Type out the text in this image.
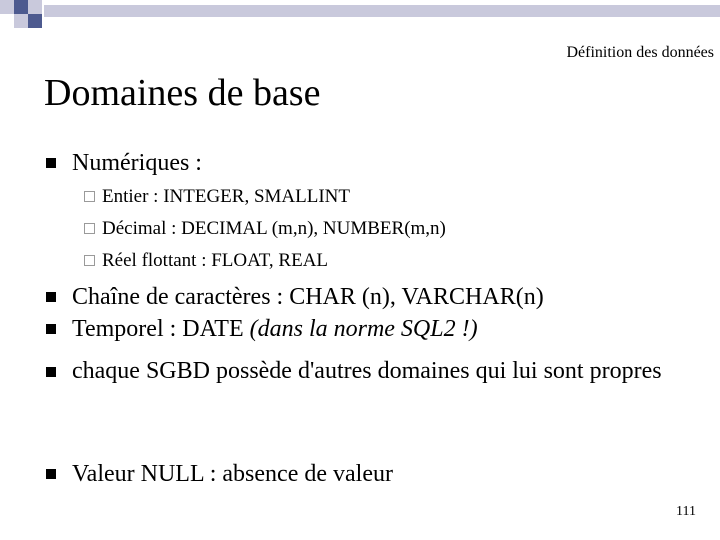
Définition des données
Domaines de base
Numériques :
Entier : INTEGER, SMALLINT
Décimal : DECIMAL (m,n), NUMBER(m,n)
Réel flottant : FLOAT, REAL
Chaîne de caractères : CHAR (n), VARCHAR(n)
Temporel : DATE (dans la norme SQL2 !)
chaque SGBD possède d'autres domaines qui lui sont propres
Valeur NULL : absence de valeur
111
